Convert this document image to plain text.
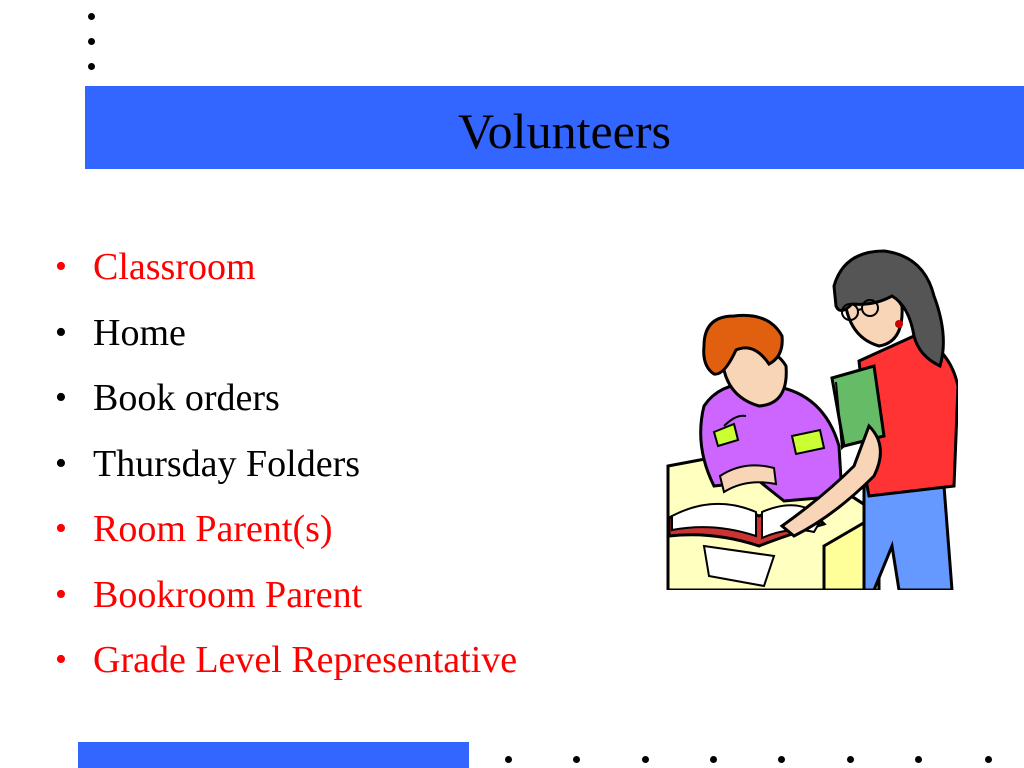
Volunteers
• Classroom
• Home
• Book orders
• Thursday Folders
• Room Parent(s)
• Bookroom Parent
• Grade Level Representative
